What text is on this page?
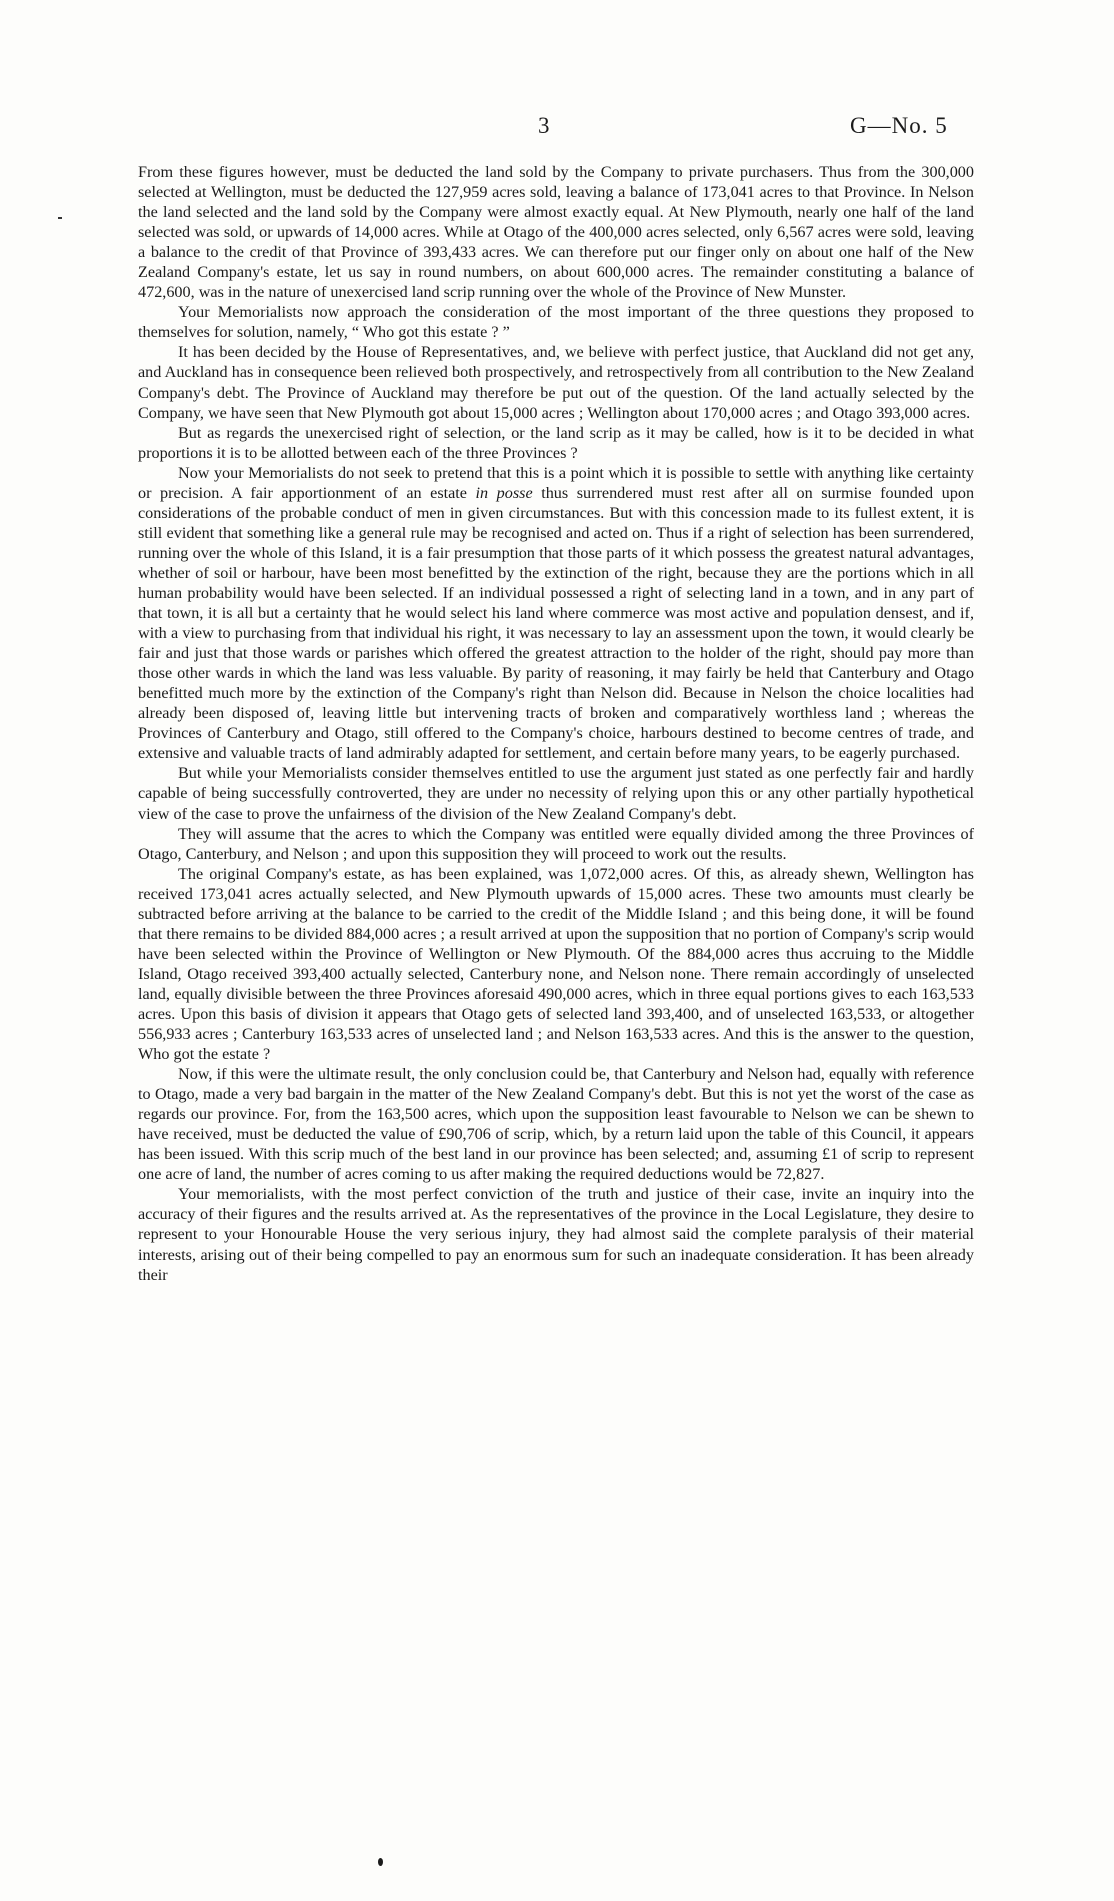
3	G—No. 5

From these figures however, must be deducted the land sold by the Company to private purchasers. Thus from the 300,000 selected at Wellington, must be deducted the 127,959 acres sold, leaving a balance of 173,041 acres to that Province. In Nelson the land selected and the land sold by the Company were almost exactly equal. At New Plymouth, nearly one half of the land selected was sold, or upwards of 14,000 acres. While at Otago of the 400,000 acres selected, only 6,567 acres were sold, leaving a balance to the credit of that Province of 393,433 acres. We can therefore put our finger only on about one half of the New Zealand Company's estate, let us say in round numbers, on about 600,000 acres. The remainder constituting a balance of 472,600, was in the nature of unexercised land scrip running over the whole of the Province of New Munster.

Your Memorialists now approach the consideration of the most important of the three questions they proposed to themselves for solution, namely, “ Who got this estate ? ”

It has been decided by the House of Representatives, and, we believe with perfect justice, that Auckland did not get any, and Auckland has in consequence been relieved both prospectively, and retrospectively from all contribution to the New Zealand Company's debt. The Province of Auckland may therefore be put out of the question. Of the land actually selected by the Company, we have seen that New Plymouth got about 15,000 acres ; Wellington about 170,000 acres ; and Otago 393,000 acres.

But as regards the unexercised right of selection, or the land scrip as it may be called, how is it to be decided in what proportions it is to be allotted between each of the three Provinces ?

Now your Memorialists do not seek to pretend that this is a point which it is possible to settle with anything like certainty or precision. A fair apportionment of an estate in posse thus surrendered must rest after all on surmise founded upon considerations of the probable conduct of men in given circumstances. But with this concession made to its fullest extent, it is still evident that something like a general rule may be recognised and acted on. Thus if a right of selection has been surrendered, running over the whole of this Island, it is a fair presumption that those parts of it which possess the greatest natural advantages, whether of soil or harbour, have been most benefitted by the extinction of the right, because they are the portions which in all human probability would have been selected. If an individual possessed a right of selecting land in a town, and in any part of that town, it is all but a certainty that he would select his land where commerce was most active and population densest, and if, with a view to purchasing from that individual his right, it was necessary to lay an assessment upon the town, it would clearly be fair and just that those wards or parishes which offered the greatest attraction to the holder of the right, should pay more than those other wards in which the land was less valuable. By parity of reasoning, it may fairly be held that Canterbury and Otago benefitted much more by the extinction of the Company's right than Nelson did. Because in Nelson the choice localities had already been disposed of, leaving little but intervening tracts of broken and comparatively worthless land ; whereas the Provinces of Canterbury and Otago, still offered to the Company's choice, harbours destined to become centres of trade, and extensive and valuable tracts of land admirably adapted for settlement, and certain before many years, to be eagerly purchased.

But while your Memorialists consider themselves entitled to use the argument just stated as one perfectly fair and hardly capable of being successfully controverted, they are under no necessity of relying upon this or any other partially hypothetical view of the case to prove the unfairness of the division of the New Zealand Company's debt.

They will assume that the acres to which the Company was entitled were equally divided among the three Provinces of Otago, Canterbury, and Nelson ; and upon this supposition they will proceed to work out the results.

The original Company's estate, as has been explained, was 1,072,000 acres. Of this, as already shewn, Wellington has received 173,041 acres actually selected, and New Plymouth upwards of 15,000 acres. These two amounts must clearly be subtracted before arriving at the balance to be carried to the credit of the Middle Island ; and this being done, it will be found that there remains to be divided 884,000 acres ; a result arrived at upon the supposition that no portion of Company's scrip would have been selected within the Province of Wellington or New Plymouth. Of the 884,000 acres thus accruing to the Middle Island, Otago received 393,400 actually selected, Canterbury none, and Nelson none. There remain accordingly of unselected land, equally divisible between the three Provinces aforesaid 490,000 acres, which in three equal portions gives to each 163,533 acres. Upon this basis of division it appears that Otago gets of selected land 393,400, and of unselected 163,533, or altogether 556,933 acres ; Canterbury 163,533 acres of unselected land ; and Nelson 163,533 acres. And this is the answer to the question, Who got the estate ?

Now, if this were the ultimate result, the only conclusion could be, that Canterbury and Nelson had, equally with reference to Otago, made a very bad bargain in the matter of the New Zealand Company's debt. But this is not yet the worst of the case as regards our province. For, from the 163,500 acres, which upon the supposition least favourable to Nelson we can be shewn to have received, must be deducted the value of £90,706 of scrip, which, by a return laid upon the table of this Council, it appears has been issued. With this scrip much of the best land in our province has been selected; and, assuming £1 of scrip to represent one acre of land, the number of acres coming to us after making the required deductions would be 72,827.

Your memorialists, with the most perfect conviction of the truth and justice of their case, invite an inquiry into the accuracy of their figures and the results arrived at. As the representatives of the province in the Local Legislature, they desire to represent to your Honourable House the very serious injury, they had almost said the complete paralysis of their material interests, arising out of their being compelled to pay an enormous sum for such an inadequate consideration. It has been already their
